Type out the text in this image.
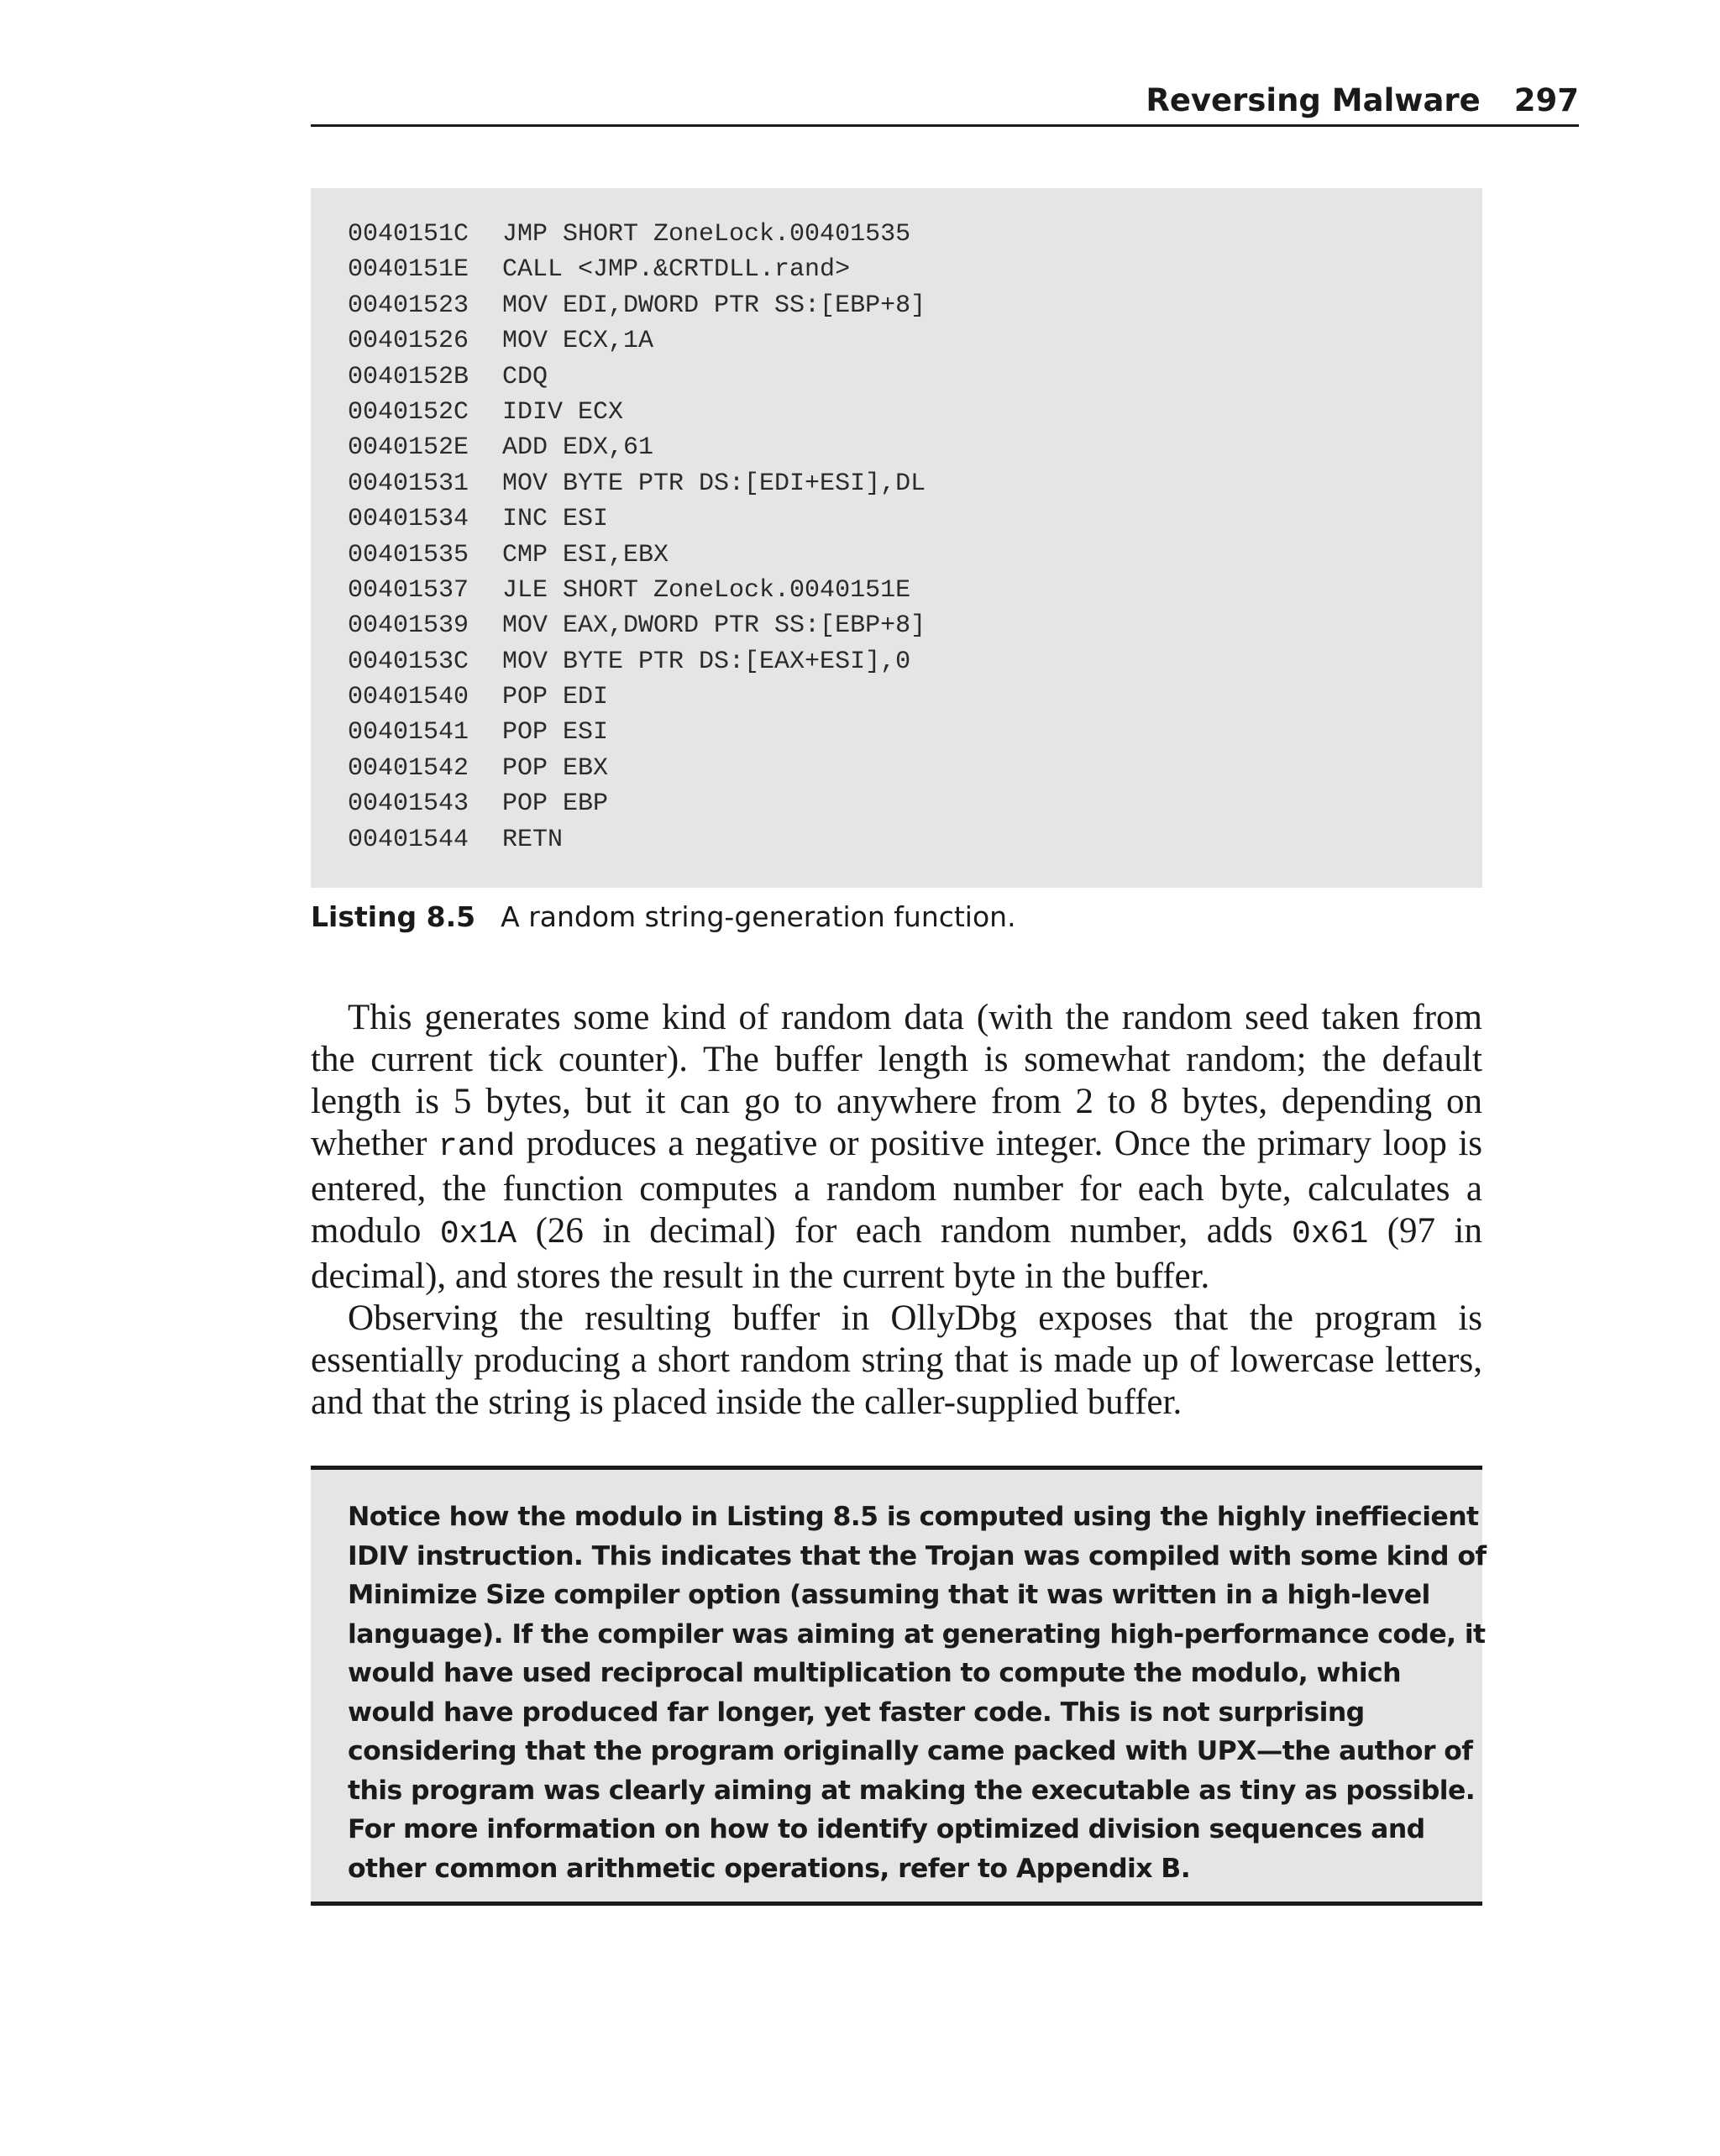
Reversing Malware 297
0040151C JMP SHORT ZoneLock.00401535
0040151E CALL <JMP.&CRTDLL.rand>
00401523 MOV EDI,DWORD PTR SS:[EBP+8]
00401526 MOV ECX,1A
0040152B CDQ
0040152C IDIV ECX
0040152E ADD EDX,61
00401531 MOV BYTE PTR DS:[EDI+ESI],DL
00401534 INC ESI
00401535 CMP ESI,EBX
00401537 JLE SHORT ZoneLock.0040151E
00401539 MOV EAX,DWORD PTR SS:[EBP+8]
0040153C MOV BYTE PTR DS:[EAX+ESI],0
00401540 POP EDI
00401541 POP ESI
00401542 POP EBX
00401543 POP EBP
00401544 RETN
Listing 8.5 A random string-generation function.

This generates some kind of random data (with the random seed taken from the current tick counter). The buffer length is somewhat random; the default length is 5 bytes, but it can go to anywhere from 2 to 8 bytes, depending on whether rand produces a negative or positive integer. Once the primary loop is entered, the function computes a random number for each byte, calculates a modulo 0x1A (26 in decimal) for each random number, adds 0x61 (97 in decimal), and stores the result in the current byte in the buffer.

Observing the resulting buffer in OllyDbg exposes that the program is essentially producing a short random string that is made up of lowercase letters, and that the string is placed inside the caller-supplied buffer.

Notice how the modulo in Listing 8.5 is computed using the highly ineffiecient
IDIV instruction. This indicates that the Trojan was compiled with some kind of
Minimize Size compiler option (assuming that it was written in a high-level
language). If the compiler was aiming at generating high-performance code, it
would have used reciprocal multiplication to compute the modulo, which
would have produced far longer, yet faster code. This is not surprising
considering that the program originally came packed with UPX—the author of
this program was clearly aiming at making the executable as tiny as possible.
For more information on how to identify optimized division sequences and
other common arithmetic operations, refer to Appendix B.
